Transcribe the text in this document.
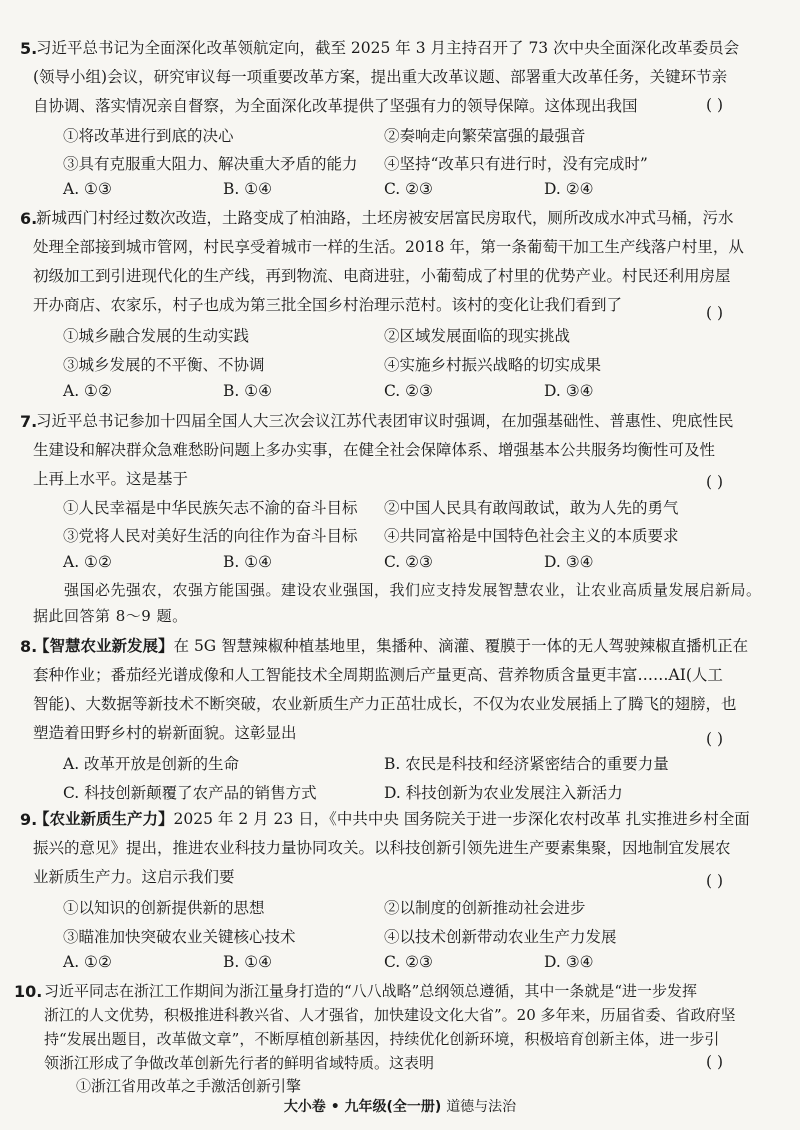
5.
习近平总书记为全面深化改革领航定向，截至 2025 年 3 月主持召开了 73 次中央全面深化改革委员会
(领导小组)会议，研究审议每一项重要改革方案，提出重大改革议题、部署重大改革任务，关键环节亲
自协调、落实情况亲自督察，为全面深化改革提供了坚强有力的领导保障。这体现出我国	( )
①将改革进行到底的决心	②奏响走向繁荣富强的最强音
③具有克服重大阻力、解决重大矛盾的能力 ④坚持“改革只有进行时，没有完成时”
A. ①③	B. ①④	C. ②③	D. ②④
6.
新城西门村经过数次改造，土路变成了柏油路，土坯房被安居富民房取代，厕所改成水冲式马桶，污水
处理全部接到城市管网，村民享受着城市一样的生活。2018 年，第一条葡萄干加工生产线落户村里，从
初级加工到引进现代化的生产线，再到物流、电商进驻，小葡萄成了村里的优势产业。村民还利用房屋
开办商店、农家乐，村子也成为第三批全国乡村治理示范村。该村的变化让我们看到了	( )
①城乡融合发展的生动实践	②区域发展面临的现实挑战
③城乡发展的不平衡、不协调	④实施乡村振兴战略的切实成果
A. ①②	B. ①④	C. ②③	D. ③④
7.
习近平总书记参加十四届全国人大三次会议江苏代表团审议时强调，在加强基础性、普惠性、兜底性民
生建设和解决群众急难愁盼问题上多办实事，在健全社会保障体系、增强基本公共服务均衡性可及性
上再上水平。这是基于	( )
①人民幸福是中华民族矢志不渝的奋斗目标 ②中国人民具有敢闯敢试，敢为人先的勇气
③党将人民对美好生活的向往作为奋斗目标 ④共同富裕是中国特色社会主义的本质要求
A. ①②	B. ①④	C. ②③	D. ③④
强国必先强农，农强方能国强。建设农业强国，我们应支持发展智慧农业，让农业高质量发展启新局。
据此回答第 8～9 题。
8.
【智慧农业新发展】在 5G 智慧辣椒种植基地里，集播种、滴灌、覆膜于一体的无人驾驶辣椒直播机正在
套种作业；番茄经光谱成像和人工智能技术全周期监测后产量更高、营养物质含量更丰富……AI(人工
智能)、大数据等新技术不断突破，农业新质生产力正茁壮成长，不仅为农业发展插上了腾飞的翅膀，也
塑造着田野乡村的崭新面貌。这彰显出	( )
A. 改革开放是创新的生命	B. 农民是科技和经济紧密结合的重要力量
C. 科技创新颠覆了农产品的销售方式	D. 科技创新为农业发展注入新活力
9.
【农业新质生产力】2025 年 2 月 23 日，《中共中央 国务院关于进一步深化农村改革 扎实推进乡村全面
振兴的意见》提出，推进农业科技力量协同攻关。以科技创新引领先进生产要素集聚，因地制宜发展农
业新质生产力。这启示我们要	( )
①以知识的创新提供新的思想	②以制度的创新推动社会进步
③瞄准加快突破农业关键核心技术	④以技术创新带动农业生产力发展
A. ①②	B. ①④	C. ②③	D. ③④
10. 习近平同志在浙江工作期间为浙江量身打造的“八八战略”总纲领总遵循，其中一条就是“进一步发挥
浙江的人文优势，积极推进科教兴省、人才强省，加快建设文化大省”。20 多年来，历届省委、省政府坚
持“发展出题目，改革做文章”，不断厚植创新基因，持续优化创新环境，积极培育创新主体，进一步引
领浙江形成了争做改革创新先行者的鲜明省域特质。这表明	( )
大小卷 • 九年级(全一册) 道德与法治
①浙江省用改革之手激活创新引擎
